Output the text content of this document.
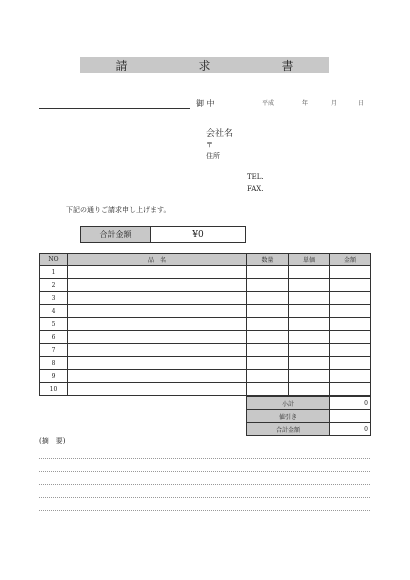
請	求	書
御 中	平成	年	月	日
会社名
〒
住所
TEL.
FAX.
下記の通りご請求申し上げます。
合計金額	¥0
NO	品　名	数量	単価	金額
1				
2				
3				
4				
5				
6				
7				
8				
9				
10				
小計	0
値引き	
合計金額	0
(摘　要)
